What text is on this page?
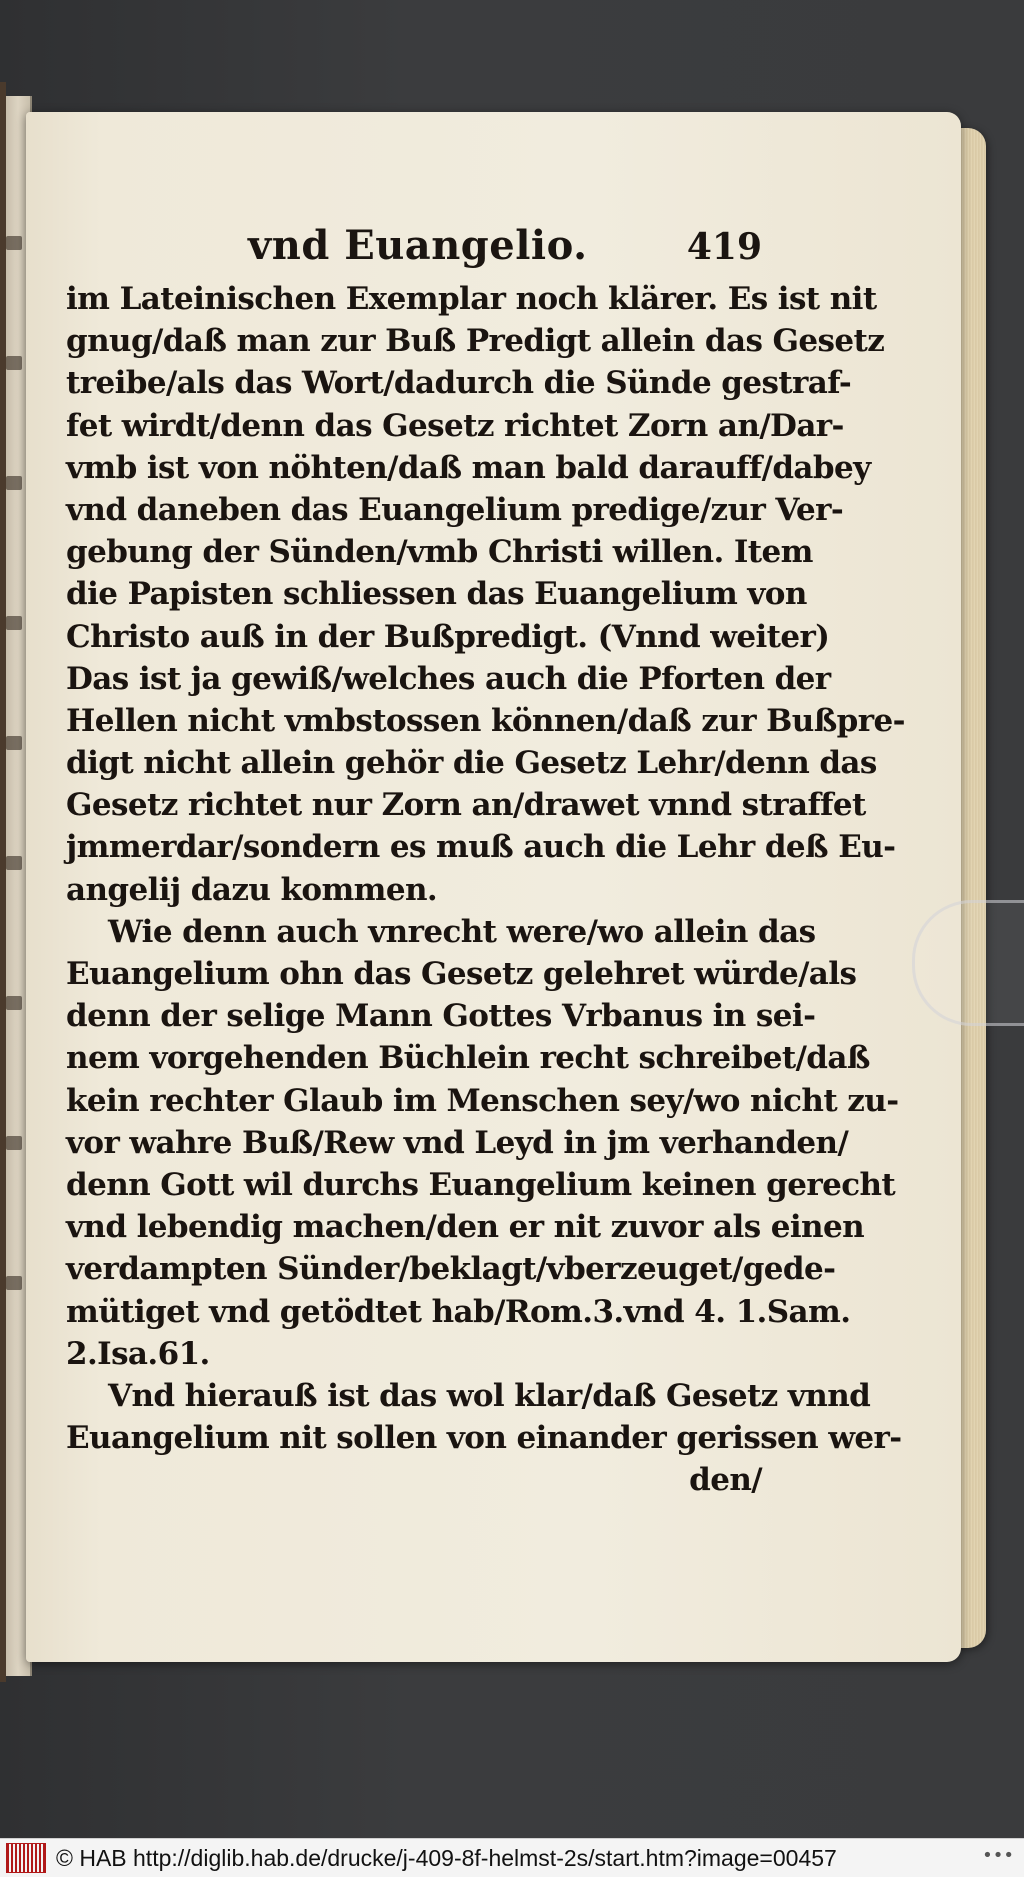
vnd Euangelio.	419
im Lateinischen Exemplar noch klärer. Es ist nit
gnug/daß man zur Buß Predigt allein das Gesetz
treibe/als das Wort/dadurch die Sünde gestraf-
fet wirdt/denn das Gesetz richtet Zorn an/Dar-
vmb ist von nöhten/daß man bald darauff/dabey
vnd daneben das Euangelium predige/zur Ver-
gebung der Sünden/vmb Christi willen. Item
die Papisten schliessen das Euangelium von
Christo auß in der Bußpredigt. (Vnnd weiter)
Das ist ja gewiß/welches auch die Pforten der
Hellen nicht vmbstossen können/daß zur Bußpre-
digt nicht allein gehör die Gesetz Lehr/denn das
Gesetz richtet nur Zorn an/drawet vnnd straffet
jmmerdar/sondern es muß auch die Lehr deß Eu-
angelij dazu kommen.
Wie denn auch vnrecht were/wo allein das
Euangelium ohn das Gesetz gelehret würde/als
denn der selige Mann Gottes Vrbanus in sei-
nem vorgehenden Büchlein recht schreibet/daß
kein rechter Glaub im Menschen sey/wo nicht zu-
vor wahre Buß/Rew vnd Leyd in jm verhanden/
denn Gott wil durchs Euangelium keinen gerecht
vnd lebendig machen/den er nit zuvor als einen
verdampten Sünder/beklagt/vberzeuget/gede-
mütiget vnd getödtet hab/Rom.3.vnd 4. 1.Sam.
2.Isa.61.
Vnd hierauß ist das wol klar/daß Gesetz vnnd
Euangelium nit sollen von einander gerissen wer-
den/
© HAB http://diglib.hab.de/drucke/j-409-8f-helmst-2s/start.htm?image=00457	•••
